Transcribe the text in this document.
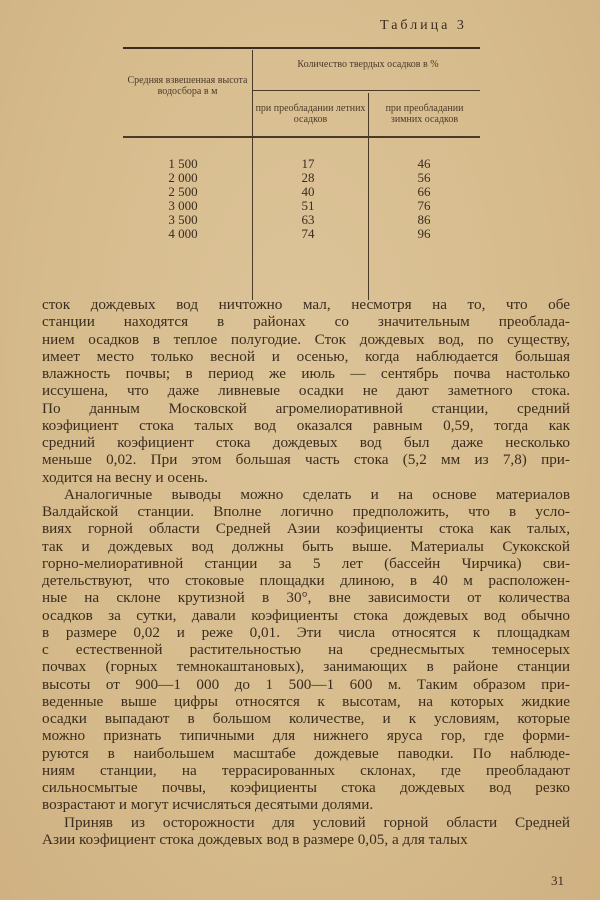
Таблица 3
Средняя взвешенная высота водосбора в м
Количество твердых осадков в %
при преобладании летних осадков
при преобладании зимних осадков
1 500
2 000
2 500
3 000
3 500
4 000
17
28
40
51
63
74
46
56
66
76
86
96
сток дождевых вод ничтожно мал, несмотря на то, что обе
станции находятся в районах со значительным преоблада-
нием осадков в теплое полугодие. Сток дождевых вод, по существу,
имеет место только весной и осенью, когда наблюдается большая
влажность почвы; в период же июль — сентябрь почва настолько
иссушена, что даже ливневые осадки не дают заметного стока.
По данным Московской агромелиоративной станции, средний
коэфициент стока талых вод оказался равным 0,59, тогда как
средний коэфициент стока дождевых вод был даже несколько
меньше 0,02. При этом большая часть стока (5,2 мм из 7,8) при-
ходится на весну и осень.
Аналогичные выводы можно сделать и на основе материалов
Валдайской станции. Вполне логично предположить, что в усло-
виях горной области Средней Азии коэфициенты стока как талых,
так и дождевых вод должны быть выше. Материалы Сукокской
горно-мелиоративной станции за 5 лет (бассейн Чирчика) сви-
детельствуют, что стоковые площадки длиною, в 40 м расположен-
ные на склоне крутизной в 30°, вне зависимости от количества
осадков за сутки, давали коэфициенты стока дождевых вод обычно
в размере 0,02 и реже 0,01. Эти числа относятся к площадкам
с естественной растительностью на среднесмытых темносерых
почвах (горных темнокаштановых), занимающих в районе станции
высоты от 900—1 000 до 1 500—1 600 м. Таким образом при-
веденные выше цифры относятся к высотам, на которых жидкие
осадки выпадают в большом количестве, и к условиям, которые
можно признать типичными для нижнего яруса гор, где форми-
руются в наибольшем масштабе дождевые паводки. По наблюде-
ниям станции, на террасированных склонах, где преобладают
сильносмытые почвы, коэфициенты стока дождевых вод резко
возрастают и могут исчисляться десятыми долями.
Приняв из осторожности для условий горной области Средней
Азии коэфициент стока дождевых вод в размере 0,05, а для талых
31
